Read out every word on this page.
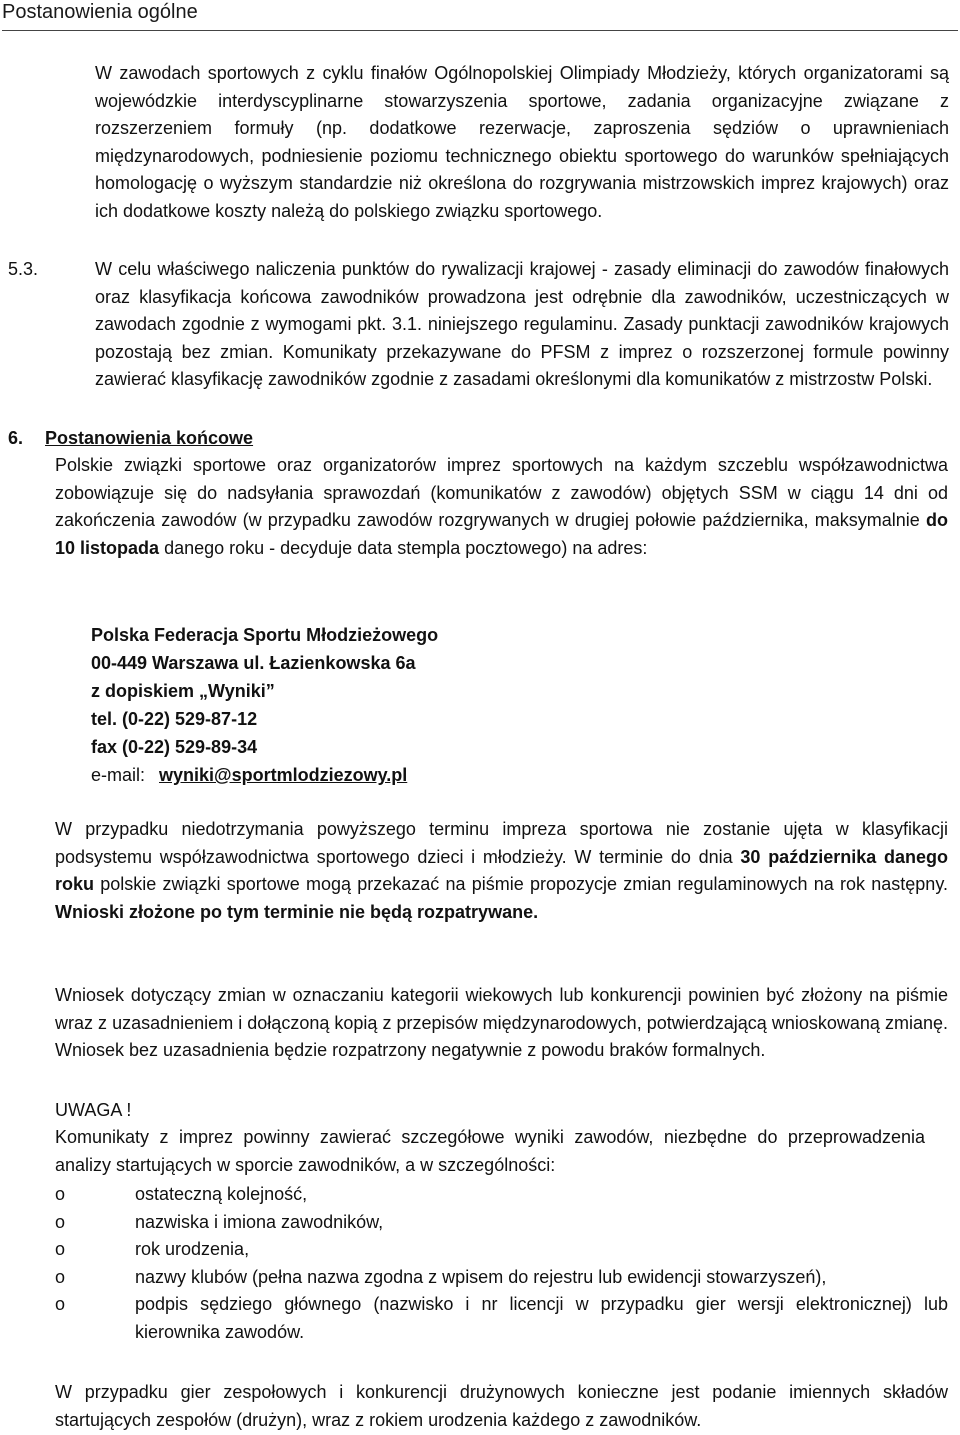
Postanowienia ogólne

W zawodach sportowych z cyklu finałów Ogólnopolskiej Olimpiady Młodzieży, których organizatorami są wojewódzkie interdyscyplinarne stowarzyszenia sportowe, zadania organizacyjne związane z rozszerzeniem formuły (np. dodatkowe rezerwacje, zaproszenia sędziów o uprawnieniach międzynarodowych, podniesienie poziomu technicznego obiektu sportowego do warunków spełniających homologację o wyższym standardzie niż określona do rozgrywania mistrzowskich imprez krajowych) oraz ich dodatkowe koszty należą do polskiego związku sportowego.

5.3.	W celu właściwego naliczenia punktów do rywalizacji krajowej - zasady eliminacji do zawodów finałowych oraz klasyfikacja końcowa zawodników prowadzona jest odrębnie dla zawodników, uczestniczących w zawodach zgodnie z wymogami pkt. 3.1. niniejszego regulaminu. Zasady punktacji zawodników krajowych pozostają bez zmian. Komunikaty przekazywane do PFSM z imprez o rozszerzonej formule powinny zawierać klasyfikację zawodników zgodnie z zasadami określonymi dla komunikatów z mistrzostw Polski.

6. Postanowienia końcowe

Polskie związki sportowe oraz organizatorów imprez sportowych na każdym szczeblu współzawodnictwa zobowiązuje się do nadsyłania sprawozdań (komunikatów z zawodów) objętych SSM w ciągu 14 dni od zakończenia zawodów (w przypadku zawodów rozgrywanych w drugiej połowie października, maksymalnie do 10 listopada danego roku - decyduje data stempla pocztowego) na adres:

Polska Federacja Sportu Młodzieżowego
00-449 Warszawa ul. Łazienkowska 6a
z dopiskiem „Wyniki”
tel. (0-22) 529-87-12
fax (0-22) 529-89-34
e-mail: wyniki@sportmlodziezowy.pl

W przypadku niedotrzymania powyższego terminu impreza sportowa nie zostanie ujęta w klasyfikacji podsystemu współzawodnictwa sportowego dzieci i młodzieży. W terminie do dnia 30 października danego roku polskie związki sportowe mogą przekazać na piśmie propozycje zmian regulaminowych na rok następny. Wnioski złożone po tym terminie nie będą rozpatrywane.

Wniosek dotyczący zmian w oznaczaniu kategorii wiekowych lub konkurencji powinien być złożony na piśmie wraz z uzasadnieniem i dołączoną kopią z przepisów międzynarodowych, potwierdzającą wnioskowaną zmianę. Wniosek bez uzasadnienia będzie rozpatrzony negatywnie z powodu braków formalnych.

UWAGA !

Komunikaty z imprez powinny zawierać szczegółowe wyniki zawodów, niezbędne do przeprowadzenia analizy startujących w sporcie zawodników, a w szczególności:

o	ostateczną kolejność,
o	nazwiska i imiona zawodników,
o	rok urodzenia,
o	nazwy klubów (pełna nazwa zgodna z wpisem do rejestru lub ewidencji stowarzyszeń),
o	podpis sędziego głównego (nazwisko i nr licencji w przypadku gier wersji elektronicznej) lub kierownika zawodów.

W przypadku gier zespołowych i konkurencji drużynowych konieczne jest podanie imiennych składów startujących zespołów (drużyn), wraz z rokiem urodzenia każdego z zawodników.
